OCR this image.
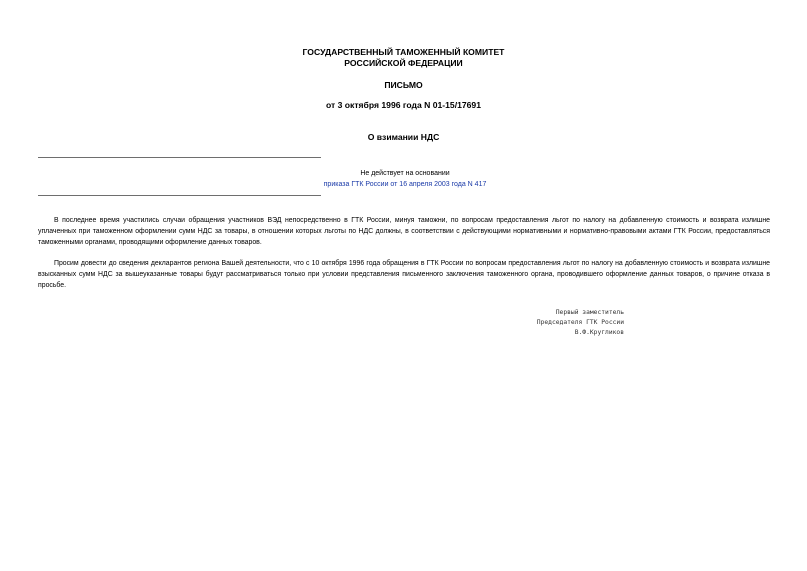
ГОСУДАРСТВЕННЫЙ ТАМОЖЕННЫЙ КОМИТЕТ
РОССИЙСКОЙ ФЕДЕРАЦИИ
ПИСЬМО
от 3 октября 1996 года N 01-15/17691
О взимании НДС
Не действует на основании
приказа ГТК России от 16 апреля 2003 года N 417
В последнее время участились случаи обращения участников ВЭД непосредственно в ГТК России, минуя таможни, по вопросам предоставления льгот по налогу на добавленную стоимость и возврата излишне уплаченных при таможенном оформлении сумм НДС за товары, в отношении которых льготы по НДС должны, в соответствии с действующими нормативными и нормативно-правовыми актами ГТК России, предоставляться таможенными органами, проводящими оформление данных товаров.
Просим довести до сведения декларантов региона Вашей деятельности, что с 10 октября 1996 года обращения в ГТК России по вопросам предоставления льгот по налогу на добавленную стоимость и возврата излишне взысканных сумм НДС за вышеуказанные товары будут рассматриваться только при условии представления письменного заключения таможенного органа, проводившего оформление данных товаров, о причине отказа в просьбе.
Первый заместитель
Председателя ГТК России
В.Ф.Кругликов
